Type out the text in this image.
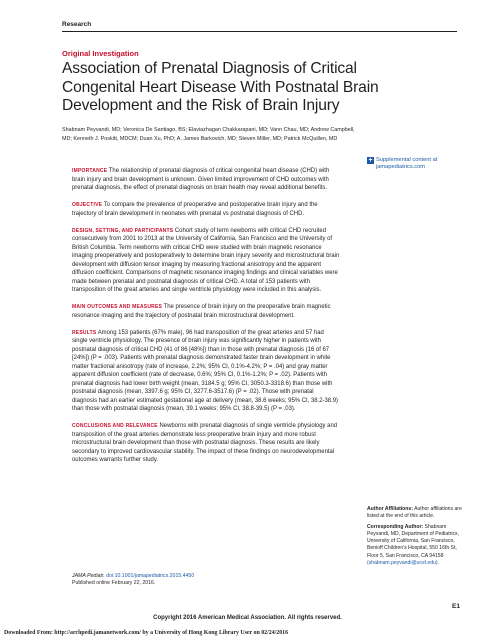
Research
Original Investigation
Association of Prenatal Diagnosis of Critical Congenital Heart Disease With Postnatal Brain Development and the Risk of Brain Injury
Shabnam Peyvandi, MD; Veronica De Santiago, BS; Elaviazhagan Chakkarapani, MD; Vann Chau, MD; Andrew Campbell, MD; Kenneth J. Poskitt, MDCM; Duan Xu, PhD; A. James Barkovich, MD; Steven Miller, MD; Patrick McQuillen, MD
+ Supplemental content at jamapediatrics.com

IMPORTANCE The relationship of prenatal diagnosis of critical congenital heart disease (CHD) with brain injury and brain development is unknown. Given limited improvement of CHD outcomes with prenatal diagnosis, the effect of prenatal diagnosis on brain health may reveal additional benefits.

OBJECTIVE To compare the prevalence of preoperative and postoperative brain injury and the trajectory of brain development in neonates with prenatal vs postnatal diagnosis of CHD.

DESIGN, SETTING, AND PARTICIPANTS Cohort study of term newborns with critical CHD recruited consecutively from 2001 to 2013 at the University of California, San Francisco and the University of British Columbia. Term newborns with critical CHD were studied with brain magnetic resonance imaging preoperatively and postoperatively to determine brain injury severity and microstructural brain development with diffusion tensor imaging by measuring fractional anisotropy and the apparent diffusion coefficient. Comparisons of magnetic resonance imaging findings and clinical variables were made between prenatal and postnatal diagnosis of critical CHD. A total of 153 patients with transposition of the great arteries and single ventricle physiology were included in this analysis.

MAIN OUTCOMES AND MEASURES The presence of brain injury on the preoperative brain magnetic resonance imaging and the trajectory of postnatal brain microstructural development.

RESULTS Among 153 patients (67% male), 96 had transposition of the great arteries and 57 had single ventricle physiology. The presence of brain injury was significantly higher in patients with postnatal diagnosis of critical CHD (41 of 86 [48%]) than in those with prenatal diagnosis (16 of 67 [24%]) (P = .003). Patients with prenatal diagnosis demonstrated faster brain development in white matter fractional anisotropy (rate of increase, 2.2%; 95% CI, 0.1%-4.2%; P = .04) and gray matter apparent diffusion coefficient (rate of decrease, 0.6%; 95% CI, 0.1%-1.2%; P = .02). Patients with prenatal diagnosis had lower birth weight (mean, 3184.5 g; 95% CI, 3050.3-3318.6) than those with postnatal diagnosis (mean, 3397.6 g; 95% CI, 3277.6-3517.6) (P = .02). Those with prenatal diagnosis had an earlier estimated gestational age at delivery (mean, 38.6 weeks; 95% CI, 38.2-38.9) than those with postnatal diagnosis (mean, 39.1 weeks; 95% CI, 38.8-39.5) (P = .03).

CONCLUSIONS AND RELEVANCE Newborns with prenatal diagnosis of single ventricle physiology and transposition of the great arteries demonstrate less preoperative brain injury and more robust microstructural brain development than those with postnatal diagnosis. These results are likely secondary to improved cardiovascular stability. The impact of these findings on neurodevelopmental outcomes warrants further study.

Author Affiliations: Author affiliations are listed at the end of this article.

Corresponding Author: Shabnam Peyvandi, MD, Department of Pediatrics, University of California, San Francisco, Benioff Children's Hospital, 550 16th St, Floor 5, San Francisco, CA 94158 (shabnam.peyvandi@ucsf.edu).

JAMA Pediatr. doi:10.1001/jamapediatrics.2015.4450
Published online February 22, 2016.
E1
Copyright 2016 American Medical Association. All rights reserved.
Downloaded From: http://archpedi.jamanetwork.com/ by a University of Hong Kong Library User on 02/24/2016
